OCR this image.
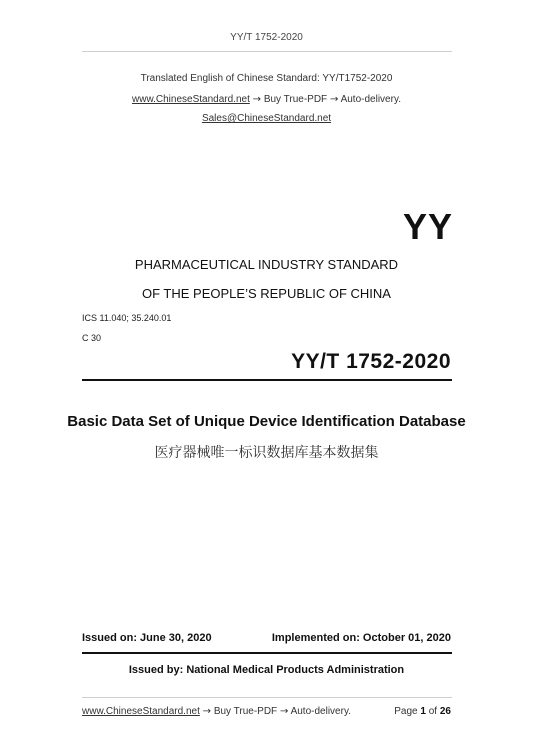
YY/T 1752-2020
Translated English of Chinese Standard: YY/T1752-2020
www.ChineseStandard.net → Buy True-PDF → Auto-delivery.
Sales@ChineseStandard.net
YY
PHARMACEUTICAL INDUSTRY STANDARD
OF THE PEOPLE’S REPUBLIC OF CHINA
ICS 11.040; 35.240.01
C 30
YY/T 1752-2020
Basic Data Set of Unique Device Identification Database
医疗器械唯一标识数据库基本数据集
Issued on: June 30, 2020	Implemented on: October 01, 2020
Issued by: National Medical Products Administration
www.ChineseStandard.net → Buy True-PDF → Auto-delivery.	Page 1 of 26
